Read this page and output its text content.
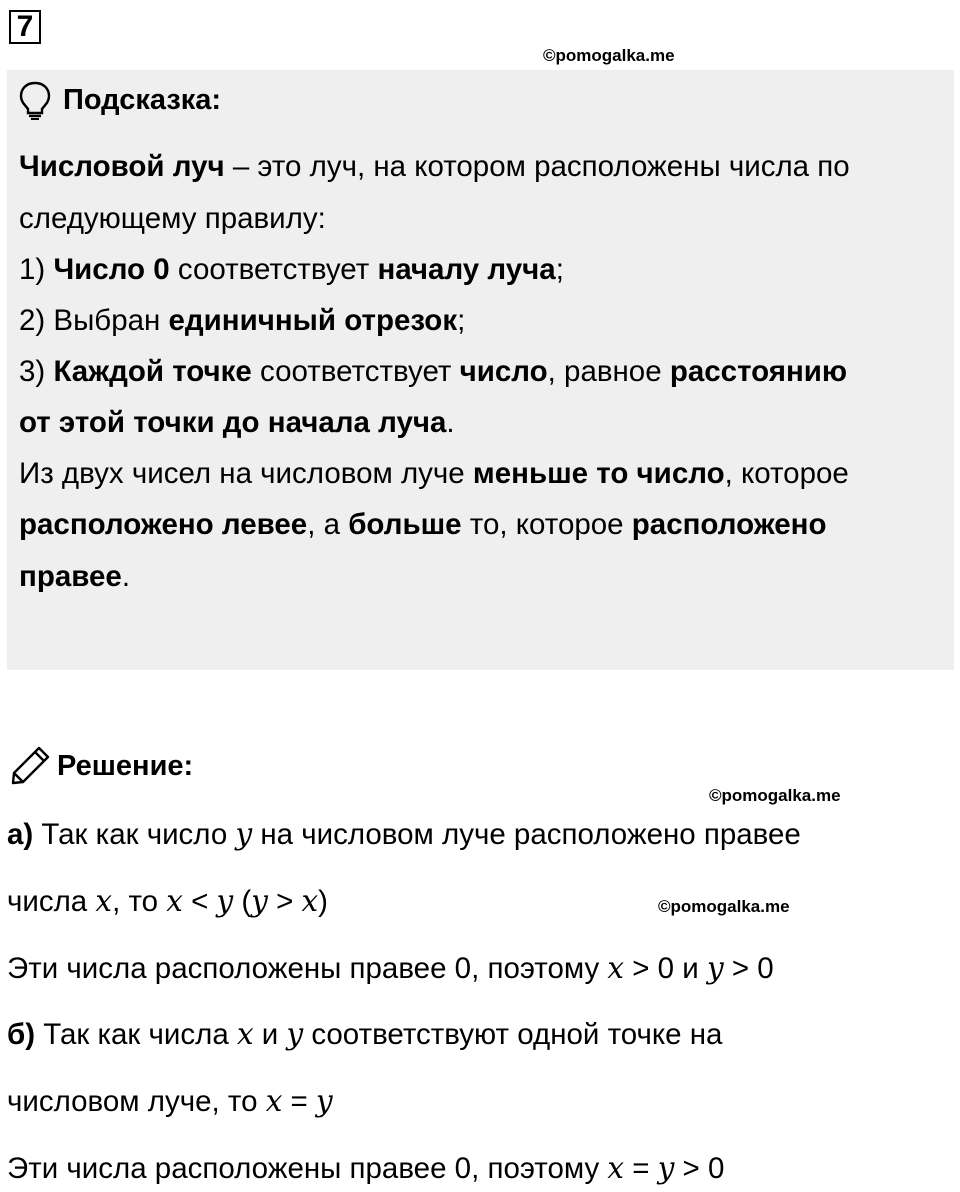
7
©pomogalka.me
Подсказка:
Числовой луч – это луч, на котором расположены числа по
следующему правилу:
1) Число 0 соответствует началу луча;
2) Выбран единичный отрезок;
3) Каждой точке соответствует число, равное расстоянию
от этой точки до начала луча.
Из двух чисел на числовом луче меньше то число, которое
расположено левее, а больше то, которое расположено
правее.
Решение:
©pomogalka.me
©pomogalka.me
а) Так как число y на числовом луче расположено правее
числа x, то x < y (y > x)
Эти числа расположены правее 0, поэтому x > 0 и y > 0
б) Так как числа x и y соответствуют одной точке на
числовом луче, то x = y
Эти числа расположены правее 0, поэтому x = y > 0
